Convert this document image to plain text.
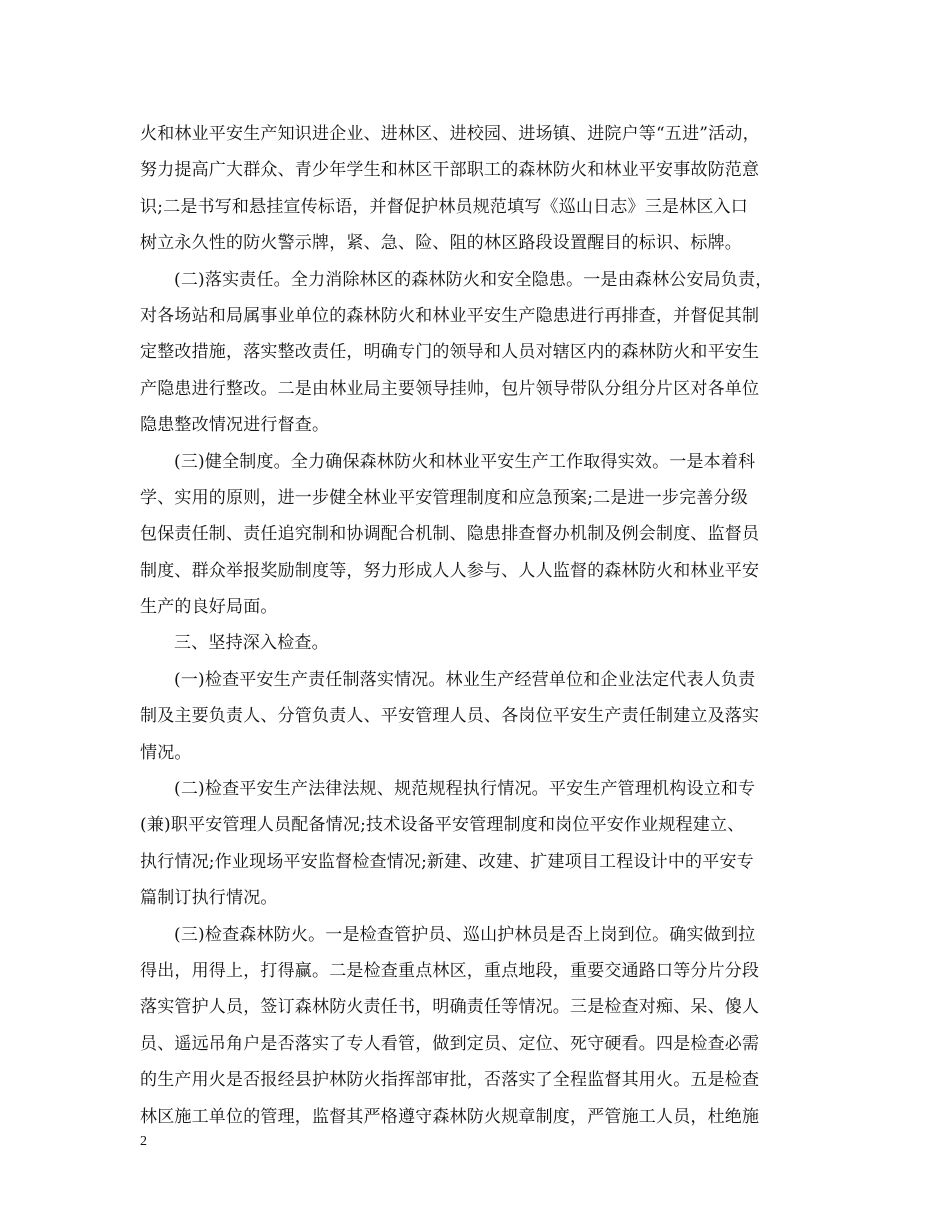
火和林业平安生产知识进企业、进林区、进校园、进场镇、进院户等“五进”活动，
努力提高广大群众、青少年学生和林区干部职工的森林防火和林业平安事故防范意
识;二是书写和悬挂宣传标语，并督促护林员规范填写《巡山日志》三是林区入口
树立永久性的防火警示牌，紧、急、险、阻的林区路段设置醒目的标识、标牌。
(二)落实责任。全力消除林区的森林防火和安全隐患。一是由森林公安局负责，
对各场站和局属事业单位的森林防火和林业平安生产隐患进行再排查，并督促其制
定整改措施，落实整改责任，明确专门的领导和人员对辖区内的森林防火和平安生
产隐患进行整改。二是由林业局主要领导挂帅，包片领导带队分组分片区对各单位
隐患整改情况进行督查。
(三)健全制度。全力确保森林防火和林业平安生产工作取得实效。一是本着科
学、实用的原则，进一步健全林业平安管理制度和应急预案;二是进一步完善分级
包保责任制、责任追究制和协调配合机制、隐患排查督办机制及例会制度、监督员
制度、群众举报奖励制度等，努力形成人人参与、人人监督的森林防火和林业平安
生产的良好局面。
三、坚持深入检查。
(一)检查平安生产责任制落实情况。林业生产经营单位和企业法定代表人负责
制及主要负责人、分管负责人、平安管理人员、各岗位平安生产责任制建立及落实
情况。
(二)检查平安生产法律法规、规范规程执行情况。平安生产管理机构设立和专
(兼)职平安管理人员配备情况;技术设备平安管理制度和岗位平安作业规程建立、
执行情况;作业现场平安监督检查情况;新建、改建、扩建项目工程设计中的平安专
篇制订执行情况。
(三)检查森林防火。一是检查管护员、巡山护林员是否上岗到位。确实做到拉
得出，用得上，打得赢。二是检查重点林区，重点地段，重要交通路口等分片分段
落实管护人员，签订森林防火责任书，明确责任等情况。三是检查对痴、呆、傻人
员、遥远吊角户是否落实了专人看管，做到定员、定位、死守硬看。四是检查必需
的生产用火是否报经县护林防火指挥部审批，否落实了全程监督其用火。五是检查
林区施工单位的管理，监督其严格遵守森林防火规章制度，严管施工人员，杜绝施
2
